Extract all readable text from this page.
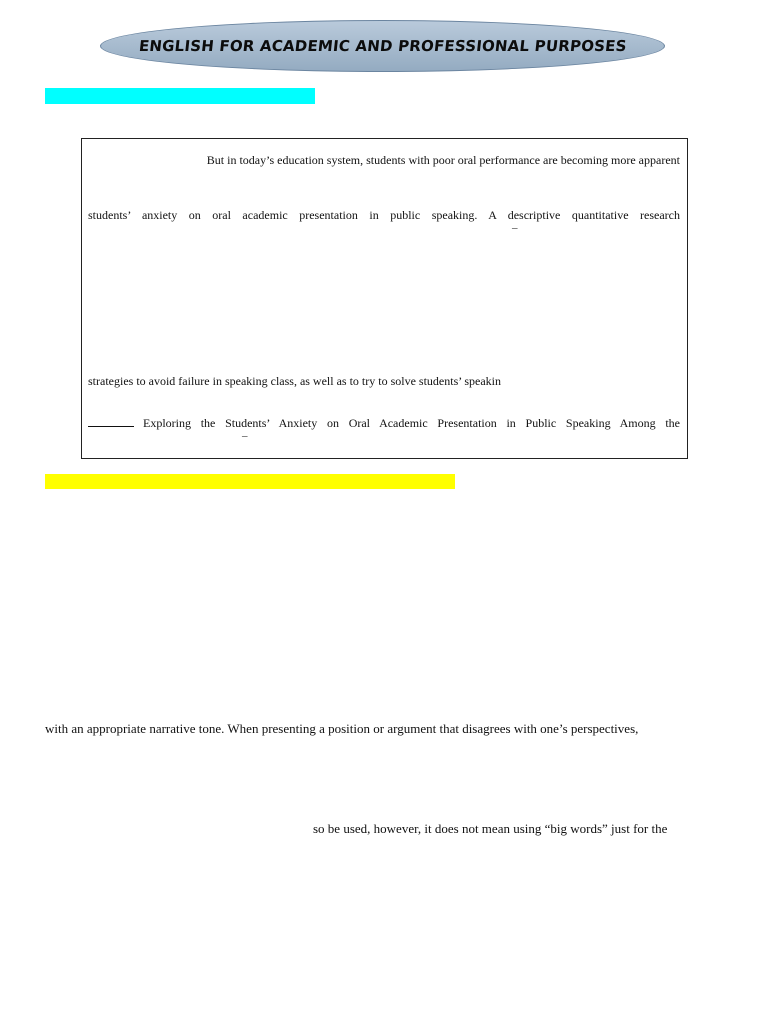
ENGLISH FOR ACADEMIC AND PROFESSIONAL PURPOSES
But in today’s education system, students with poor oral performance are becoming more apparent
students’ anxiety on oral academic presentation in public speaking. A descriptive quantitative research
–
strategies to avoid failure in speaking class, as well as to try to solve students’ speakin
Exploring the Students’ Anxiety on Oral Academic Presentation in Public Speaking Among the
–
with an appropriate narrative tone. When presenting a position or argument that disagrees with one’s perspectives,
so be used, however, it does not mean using “big words” just for the
